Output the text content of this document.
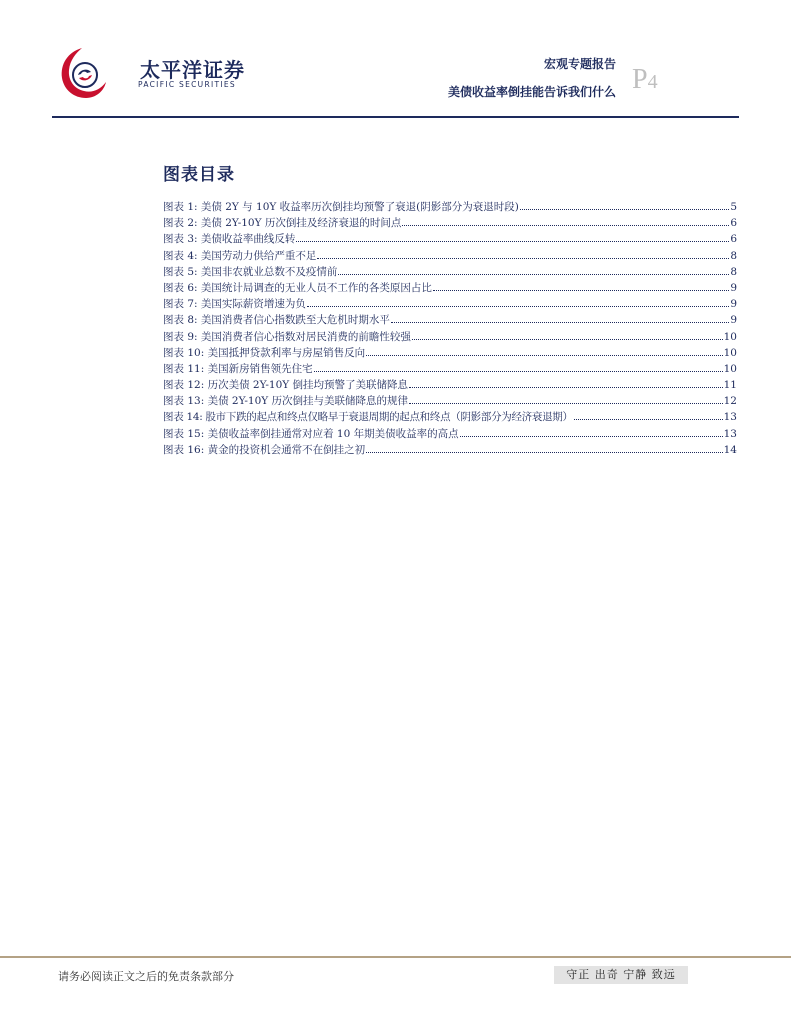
太平洋证券
PACIFIC SECURITIES
宏观专题报告
美债收益率倒挂能告诉我们什么 P4
图表目录
图表 1: 美债 2Y 与 10Y 收益率历次倒挂均预警了衰退(阴影部分为衰退时段)	5
图表 2: 美债 2Y-10Y 历次倒挂及经济衰退的时间点	6
图表 3: 美债收益率曲线反转	6
图表 4: 美国劳动力供给严重不足	8
图表 5: 美国非农就业总数不及疫情前	8
图表 6: 美国统计局调查的无业人员不工作的各类原因占比	9
图表 7: 美国实际薪资增速为负	9
图表 8: 美国消费者信心指数跌至大危机时期水平	9
图表 9: 美国消费者信心指数对居民消费的前瞻性较强	10
图表 10: 美国抵押贷款利率与房屋销售反向	10
图表 11: 美国新房销售领先住宅	10
图表 12: 历次美债 2Y-10Y 倒挂均预警了美联储降息	11
图表 13: 美债 2Y-10Y 历次倒挂与美联储降息的规律	12
图表 14: 股市下跌的起点和终点仅略早于衰退周期的起点和终点（阴影部分为经济衰退期）	13
图表 15: 美债收益率倒挂通常对应着 10 年期美债收益率的高点	13
图表 16: 黄金的投资机会通常不在倒挂之初	14
请务必阅读正文之后的免责条款部分	守正 出奇 宁静 致远
